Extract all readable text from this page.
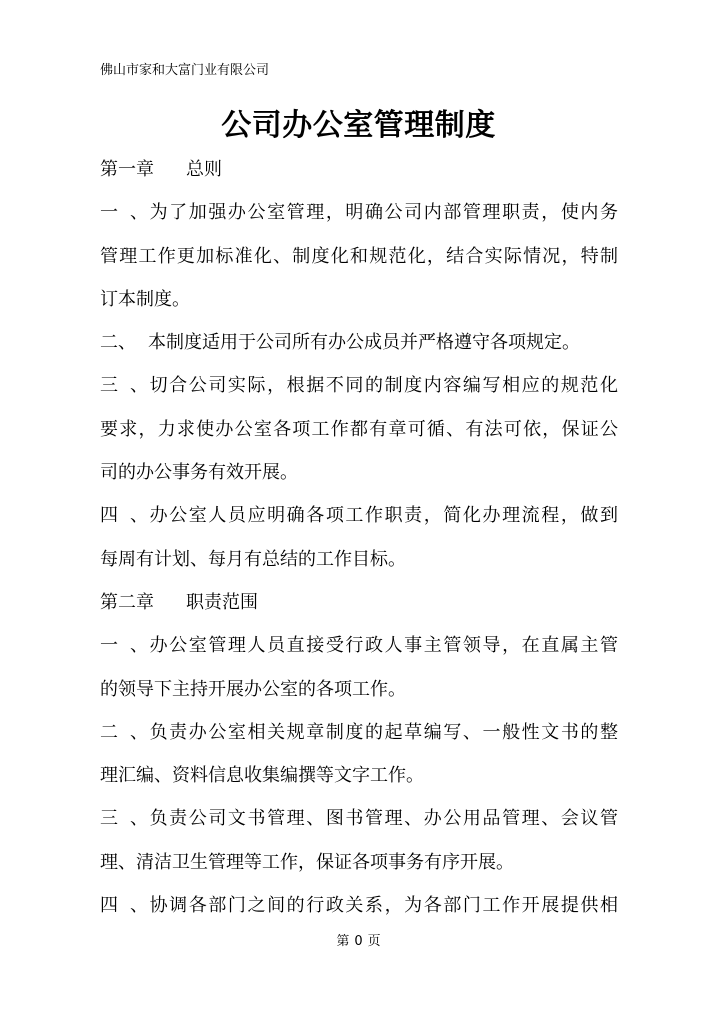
佛山市家和大富门业有限公司
公司办公室管理制度
第一章 总则
一、为了加强办公室管理，明确公司内部管理职责，使内务
管理工作更加标准化、制度化和规范化，结合实际情况，特制
订本制度。
二、 本制度适用于公司所有办公成员并严格遵守各项规定。
三、切合公司实际，根据不同的制度内容编写相应的规范化
要求，力求使办公室各项工作都有章可循、有法可依，保证公
司的办公事务有效开展。
四、办公室人员应明确各项工作职责，简化办理流程，做到
每周有计划、每月有总结的工作目标。
第二章 职责范围
一、办公室管理人员直接受行政人事主管领导，在直属主管
的领导下主持开展办公室的各项工作。
二、负责办公室相关规章制度的起草编写、一般性文书的整
理汇编、资料信息收集编撰等文字工作。
三、负责公司文书管理、图书管理、办公用品管理、会议管
理、清洁卫生管理等工作，保证各项事务有序开展。
四、协调各部门之间的行政关系，为各部门工作开展提供相
第 0 页
